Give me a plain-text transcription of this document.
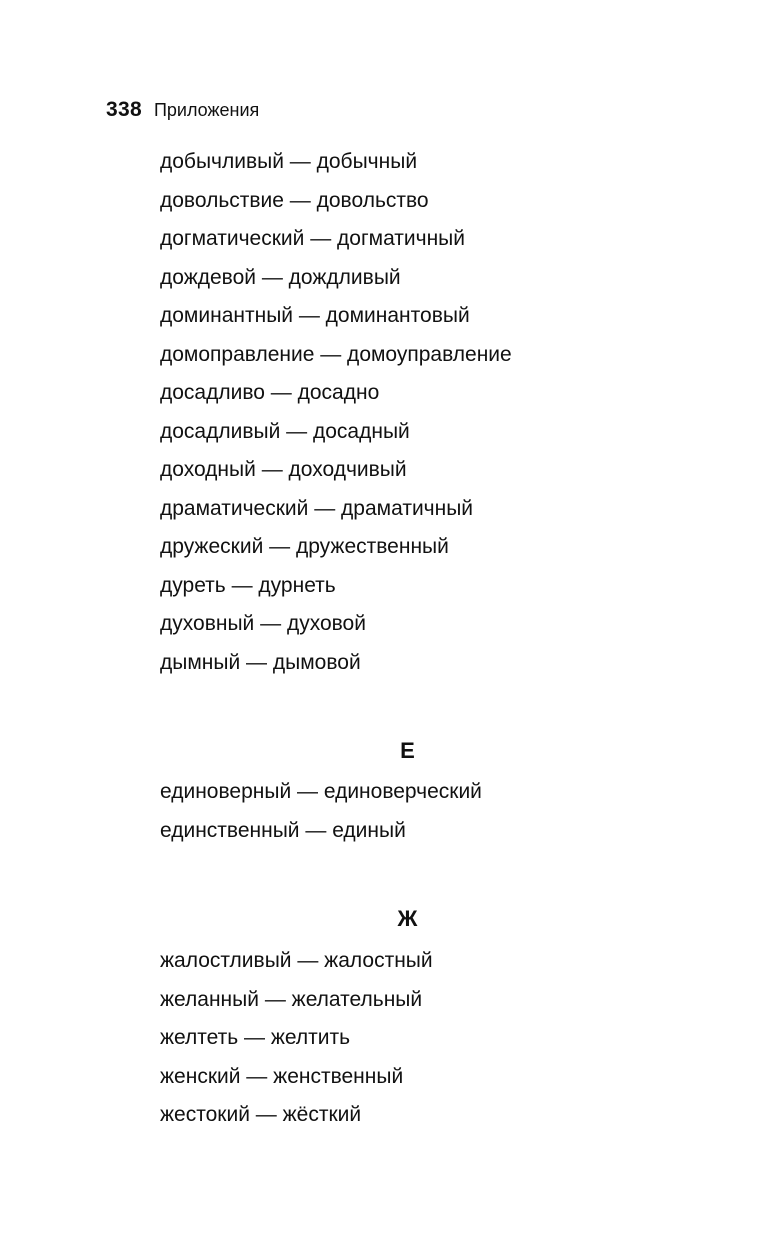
338 Приложения
добычливый — добычный
довольствие — довольство
догматический — догматичный
дождевой — дождливый
доминантный — доминантовый
домоправление — домоуправление
досадливо — досадно
досадливый — досадный
доходный — доходчивый
драматический — драматичный
дружеский — дружественный
дуреть — дурнеть
духовный — духовой
дымный — дымовой
Е
единоверный — единоверческий
единственный — единый
Ж
жалостливый — жалостный
желанный — желательный
желтеть — желтить
женский — женственный
жестокий — жёсткий
